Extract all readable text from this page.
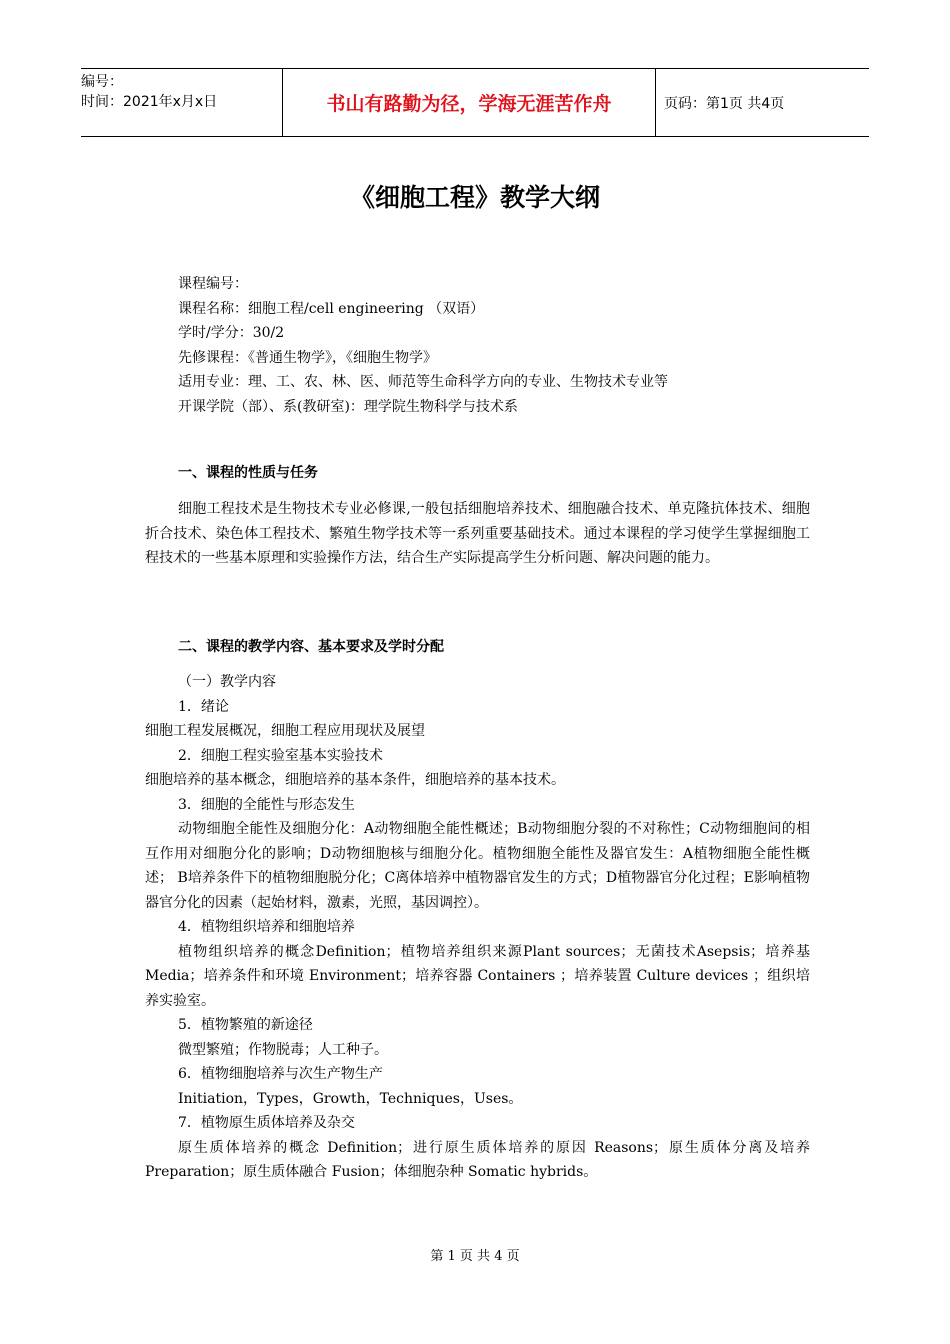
编号：
时间：2021年x月x日	书山有路勤为径，学海无涯苦作舟	页码：第1页 共4页
《细胞工程》教学大纲
课程编号：
课程名称：细胞工程/cell engineering （双语）
学时/学分：30/2
先修课程：《普通生物学》，《细胞生物学》
适用专业：理、工、农、林、医、师范等生命科学方向的专业、生物技术专业等
开课学院（部）、系(教研室)：理学院生物科学与技术系
一、课程的性质与任务
细胞工程技术是生物技术专业必修课,一般包括细胞培养技术、细胞融合技术、单克隆抗体技术、细胞折合技术、染色体工程技术、繁殖生物学技术等一系列重要基础技术。通过本课程的学习使学生掌握细胞工程技术的一些基本原理和实验操作方法，结合生产实际提高学生分析问题、解决问题的能力。
二、课程的教学内容、基本要求及学时分配
（一）教学内容
1．绪论
细胞工程发展概况，细胞工程应用现状及展望
2．细胞工程实验室基本实验技术
细胞培养的基本概念，细胞培养的基本条件，细胞培养的基本技术。
3．细胞的全能性与形态发生
动物细胞全能性及细胞分化：A动物细胞全能性概述；B动物细胞分裂的不对称性；C动物细胞间的相互作用对细胞分化的影响；D动物细胞核与细胞分化。植物细胞全能性及器官发生：A植物细胞全能性概述； B培养条件下的植物细胞脱分化；C离体培养中植物器官发生的方式；D植物器官分化过程；E影响植物器官分化的因素（起始材料，激素，光照，基因调控）。
4．植物组织培养和细胞培养
植物组织培养的概念Definition；植物培养组织来源Plant sources；无菌技术Asepsis；培养基 Media；培养条件和环境 Environment；培养容器 Containers ；培养装置 Culture devices ；组织培养实验室。
5．植物繁殖的新途径
微型繁殖；作物脱毒；人工种子。
6．植物细胞培养与次生产物生产
Initiation，Types，Growth，Techniques，Uses。
7．植物原生质体培养及杂交
原生质体培养的概念 Definition；进行原生质体培养的原因 Reasons；原生质体分离及培养 Preparation；原生质体融合 Fusion；体细胞杂种 Somatic hybrids。
第 1 页 共 4 页
